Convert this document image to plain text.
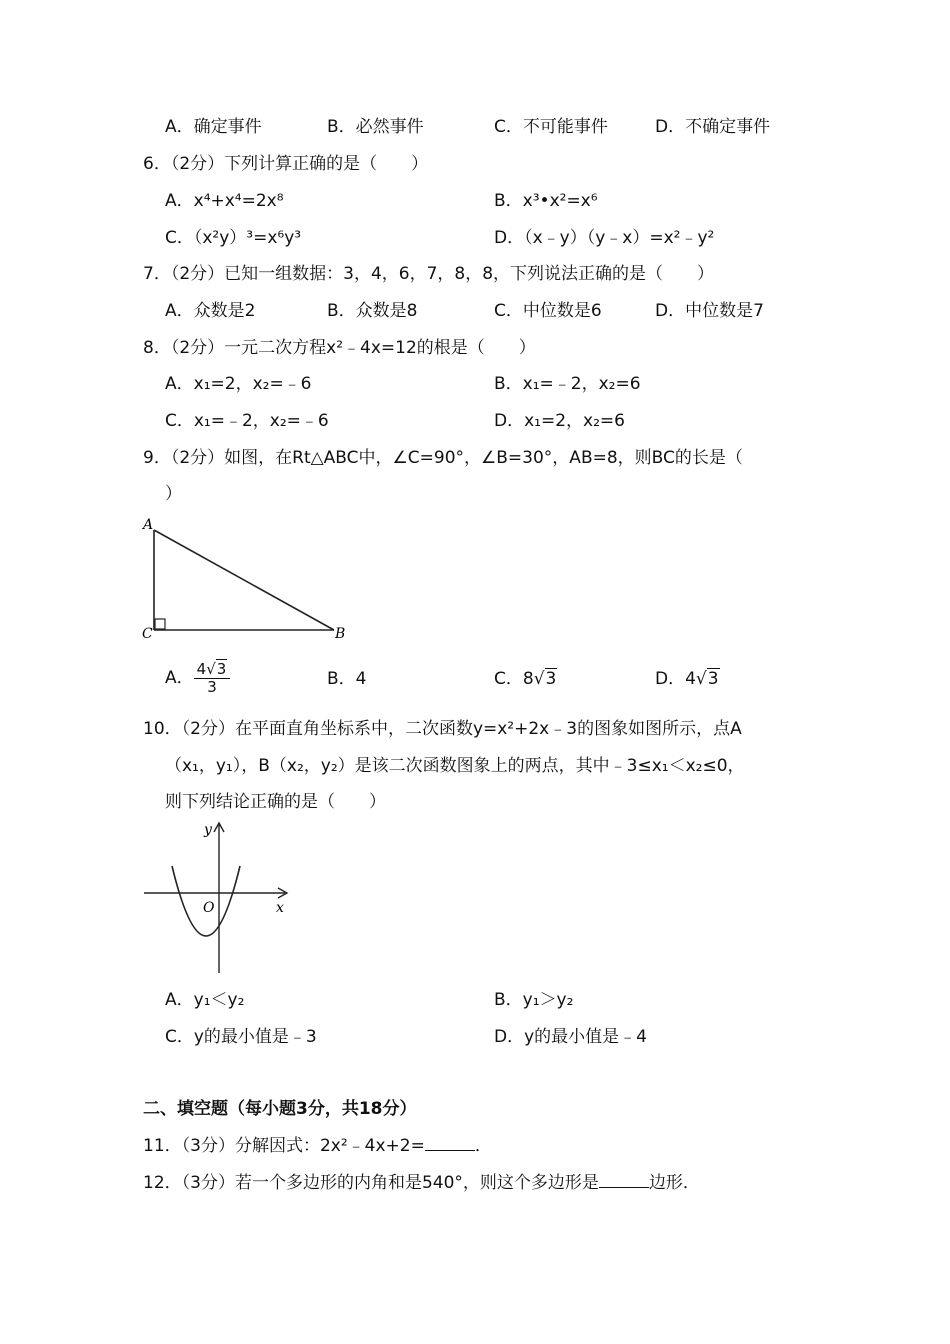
A．确定事件	B．必然事件	C．不可能事件	D．不确定事件
6．（2分）下列计算正确的是（　　）
A．x⁴+x⁴=2x⁸	B．x³•x²=x⁶
C．（x²y）³=x⁶y³	D．（x﹣y）（y﹣x）=x²﹣y²
7．（2分）已知一组数据：3，4，6，7，8，8，下列说法正确的是（　　）
A．众数是2	B．众数是8	C．中位数是6	D．中位数是7
8．（2分）一元二次方程x²﹣4x=12的根是（　　）
A．x₁=2，x₂=﹣6	B．x₁=﹣2，x₂=6
C．x₁=﹣2，x₂=﹣6	D．x₁=2，x₂=6
9．（2分）如图，在Rt△ABC中，∠C=90°，∠B=30°，AB=8，则BC的长是（
）
A
C	B
A． $\frac{4√3}{3}$	B．4	C．8√3	D．4√3
10．（2分）在平面直角坐标系中，二次函数y=x²+2x﹣3的图象如图所示，点A
（x₁，y₁），B（x₂，y₂）是该二次函数图象上的两点，其中﹣3≤x₁＜x₂≤0，
则下列结论正确的是（　　）
y
x
O
A．y₁＜y₂	B．y₁＞y₂
C．y的最小值是﹣3	D．y的最小值是﹣4
二、填空题（每小题3分，共18分）
11．（3分）分解因式：2x²﹣4x+2=	．
12．（3分）若一个多边形的内角和是540°，则这个多边形是	边形．
